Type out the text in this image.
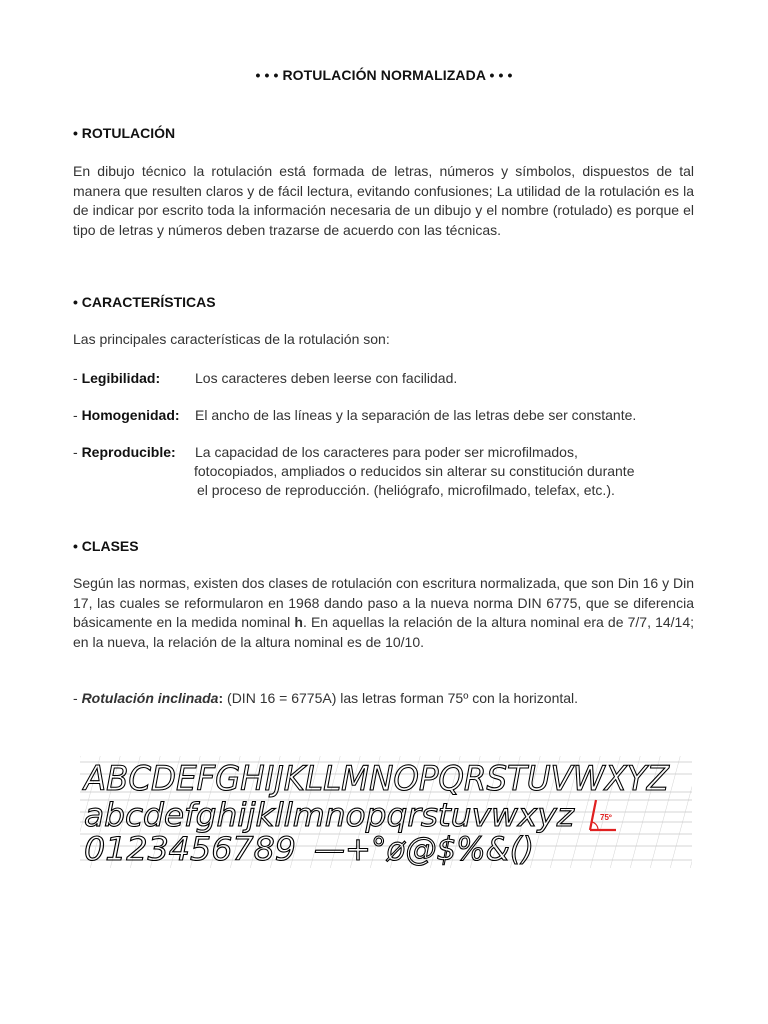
• • • ROTULACIÓN NORMALIZADA • • •
• ROTULACIÓN
En dibujo técnico la rotulación está formada de letras, números y símbolos, dispuestos de tal manera que resulten claros y de fácil lectura, evitando confusiones; La utilidad de la rotulación es la de indicar por escrito toda la información necesaria de un dibujo y el nombre (rotulado) es porque el tipo de letras y números deben trazarse de acuerdo con las técnicas.
• CARACTERÍSTICAS
Las principales características de la rotulación son:
- Legibilidad: Los caracteres deben leerse con facilidad.
- Homogenidad: El ancho de las líneas y la separación de las letras debe ser constante.
- Reproducible: La capacidad de los caracteres para poder ser microfilmados,
fotocopiados, ampliados o reducidos sin alterar su constitución durante
el proceso de reproducción. (heliógrafo, microfilmado, telefax, etc.).
• CLASES
Según las normas, existen dos clases de rotulación con escritura normalizada, que son Din 16 y Din 17, las cuales se reformularon en 1968 dando paso a la nueva norma DIN 6775, que se diferencia básicamente en la medida nominal h. En aquellas la relación de la altura nominal era de 7/7, 14/14; en la nueva, la relación de la altura nominal es de 10/10.
- Rotulación inclinada: (DIN 16 = 6775A) las letras forman 75º con la horizontal.
ABCDEFGHIJKLLMNOPQRSTUVWXYZ
abcdefghijkllmnopqrstuvwxyz
0123456789 —+°ø@$%&()
75º
